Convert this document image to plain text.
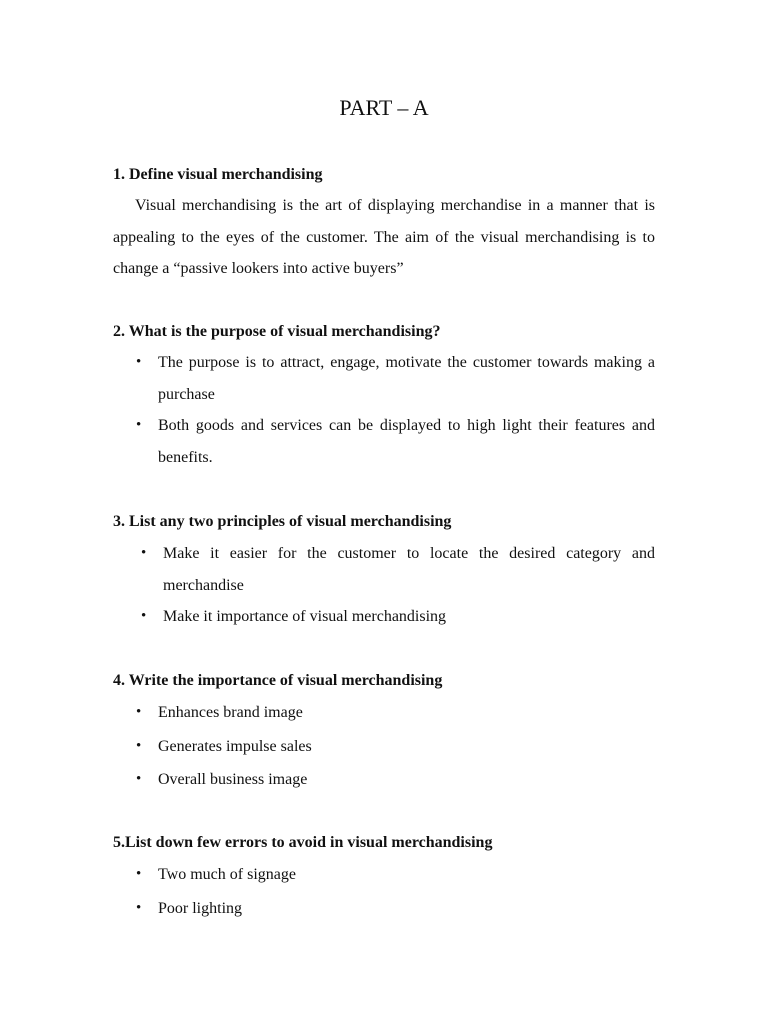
PART – A
1. Define visual merchandising

Visual merchandising is the art of displaying merchandise in a manner that is appealing to the eyes of the customer. The aim of the visual merchandising is to change a “passive lookers into active buyers”

2. What is the purpose of visual merchandising?
• The purpose is to attract, engage, motivate the customer towards making a purchase
• Both goods and services can be displayed to high light their features and benefits.
3. List any two principles of visual merchandising
• Make it easier for the customer to locate the desired category and merchandise
• Make it importance of visual merchandising
4. Write the importance of visual merchandising
• Enhances brand image
• Generates impulse sales
• Overall business image
5.List down few errors to avoid in visual merchandising
• Two much of signage
• Poor lighting
